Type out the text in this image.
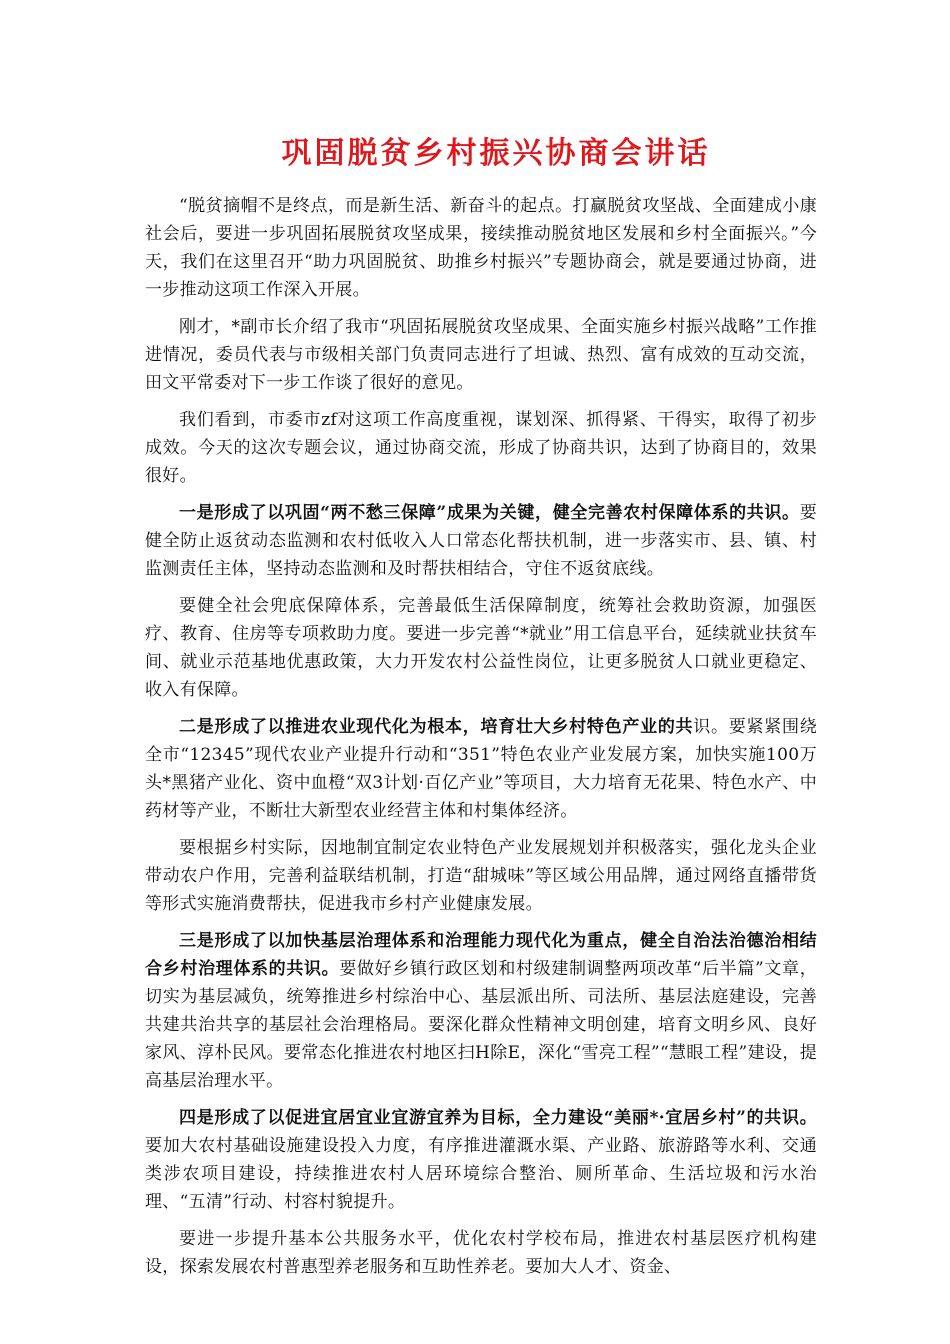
巩固脱贫乡村振兴协商会讲话

“脱贫摘帽不是终点，而是新生活、新奋斗的起点。打赢脱贫攻坚战、全面建成小康社会后，要进一步巩固拓展脱贫攻坚成果，接续推动脱贫地区发展和乡村全面振兴。”今天，我们在这里召开“助力巩固脱贫、助推乡村振兴”专题协商会，就是要通过协商，进一步推动这项工作深入开展。

刚才，*副市长介绍了我市“巩固拓展脱贫攻坚成果、全面实施乡村振兴战略”工作推进情况，委员代表与市级相关部门负责同志进行了坦诚、热烈、富有成效的互动交流，田文平常委对下一步工作谈了很好的意见。

我们看到，市委市zf对这项工作高度重视，谋划深、抓得紧、干得实，取得了初步成效。今天的这次专题会议，通过协商交流，形成了协商共识，达到了协商目的，效果很好。

一是形成了以巩固“两不愁三保障”成果为关键，健全完善农村保障体系的共识。要健全防止返贫动态监测和农村低收入人口常态化帮扶机制，进一步落实市、县、镇、村监测责任主体，坚持动态监测和及时帮扶相结合，守住不返贫底线。

要健全社会兜底保障体系，完善最低生活保障制度，统筹社会救助资源，加强医疗、教育、住房等专项救助力度。要进一步完善“*就业”用工信息平台，延续就业扶贫车间、就业示范基地优惠政策，大力开发农村公益性岗位，让更多脱贫人口就业更稳定、收入有保障。

二是形成了以推进农业现代化为根本，培育壮大乡村特色产业的共识。要紧紧围绕全市“12345”现代农业产业提升行动和“351”特色农业产业发展方案，加快实施100万头*黑猪产业化、资中血橙“双3计划·百亿产业”等项目，大力培育无花果、特色水产、中药材等产业，不断壮大新型农业经营主体和村集体经济。

要根据乡村实际，因地制宜制定农业特色产业发展规划并积极落实，强化龙头企业带动农户作用，完善利益联结机制，打造“甜城味”等区域公用品牌，通过网络直播带货等形式实施消费帮扶，促进我市乡村产业健康发展。

三是形成了以加快基层治理体系和治理能力现代化为重点，健全自治法治德治相结合乡村治理体系的共识。要做好乡镇行政区划和村级建制调整两项改革“后半篇”文章，切实为基层减负，统筹推进乡村综治中心、基层派出所、司法所、基层法庭建设，完善共建共治共享的基层社会治理格局。要深化群众性精神文明创建，培育文明乡风、良好家风、淳朴民风。要常态化推进农村地区扫H除E，深化“雪亮工程”“慧眼工程”建设，提高基层治理水平。

四是形成了以促进宜居宜业宜游宜养为目标，全力建设“美丽*·宜居乡村”的共识。要加大农村基础设施建设投入力度，有序推进灌溉水渠、产业路、旅游路等水利、交通类涉农项目建设，持续推进农村人居环境综合整治、厕所革命、生活垃圾和污水治理、“五清”行动、村容村貌提升。

要进一步提升基本公共服务水平，优化农村学校布局，推进农村基层医疗机构建设，探索发展农村普惠型养老服务和互助性养老。要加大人才、资金、
